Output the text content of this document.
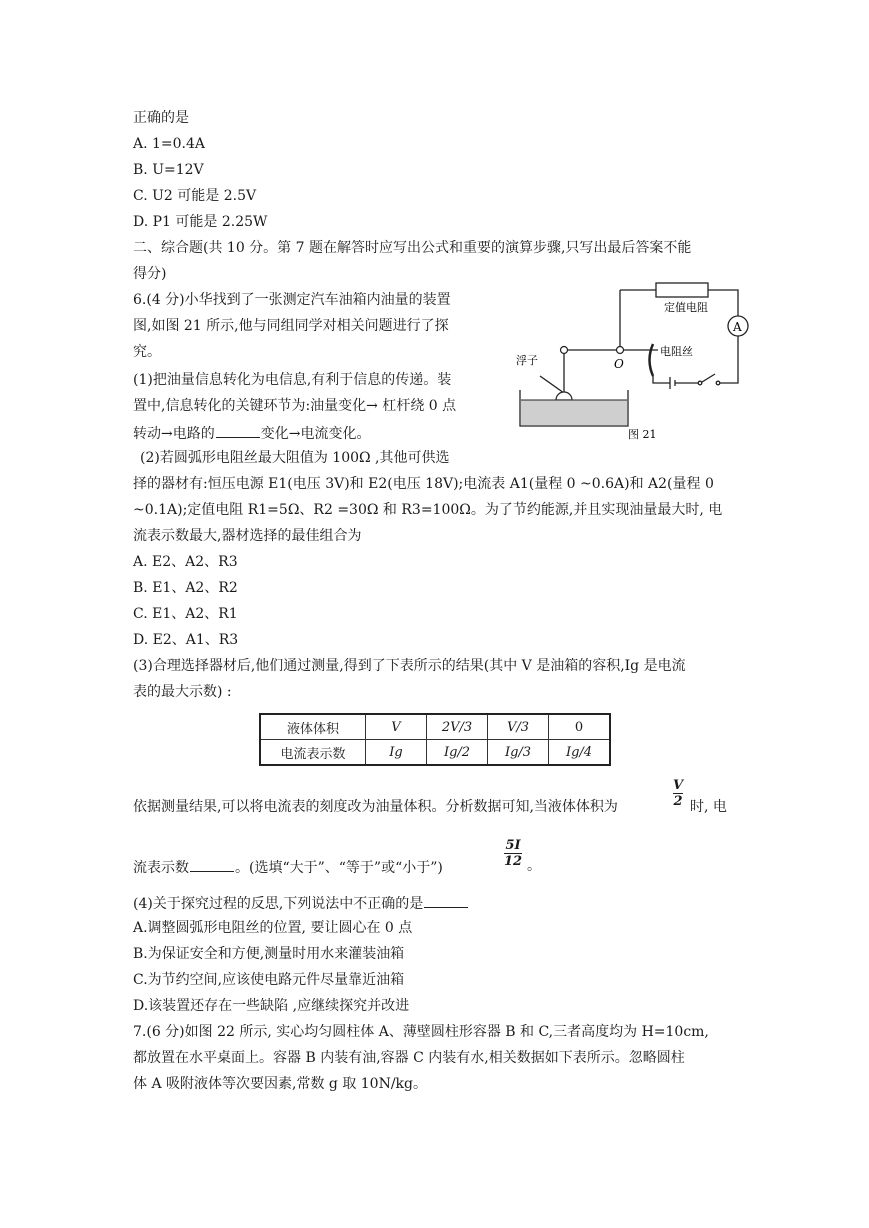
正确的是
A. 1=0.4A
B. U=12V
C. U2 可能是 2.5V
D. P1 可能是 2.25W
二、综合题(共 10 分。第 7 题在解答时应写出公式和重要的演算步骤,只写出最后答案不能
得分)
6.(4 分)小华找到了一张测定汽车油箱内油量的装置
图,如图 21 所示,他与同组同学对相关问题进行了探
究。
(1)把油量信息转化为电信息,有利于信息的传递。装
置中,信息转化的关键环节为:油量变化→ 杠杆绕 0 点
转动→电路的	变化→电流变化。
(2)若圆弧形电阻丝最大阻值为 100Ω ,其他可供选
择的器材有:恒压电源 E1(电压 3V)和 E2(电压 18V);电流表 A1(量程 0 ~0.6A)和 A2(量程 0
~0.1A);定值电阻 R1=5Ω、R2 =30Ω 和 R3=100Ω。为了节约能源,并且实现油量最大时, 电
流表示数最大,器材选择的最佳组合为
A. E2、A2、R3
B. E1、A2、R2
C. E1、A2、R1
D. E2、A1、R3
(3)合理选择器材后,他们通过测量,得到了下表所示的结果(其中 V 是油箱的容积,Ig 是电流
表的最大示数) :
液体体积	V	2V/3	V/3	0
电流表示数	Ig	Ig/2	Ig/3	Ig/4
依据测量结果,可以将电流表的刻度改为油量体积。分析数据可知,当液体体积为	$\frac{V}{2}$ 时, 电
流表示数	。(选填“大于”、“等于”或“小于”)	$\frac{5I}{12}$ 。
(4)关于探究过程的反思,下列说法中不正确的是
A.调整圆弧形电阻丝的位置, 要让圆心在 0 点
B.为保证安全和方便,测量时用水来灌装油箱
C.为节约空间,应该使电路元件尽量靠近油箱
D.该装置还存在一些缺陷 ,应继续探究并改进
7.(6 分)如图 22 所示, 实心均匀圆柱体 A、薄壁圆柱形容器 B 和 C,三者高度均为 H=10cm,
都放置在水平桌面上。容器 B 内装有油,容器 C 内装有水,相关数据如下表所示。忽略圆柱
体 A 吸附液体等次要因素,常数 g 取 10N/kg。
定值电阻
A
电阻丝
O
浮子
图 21
